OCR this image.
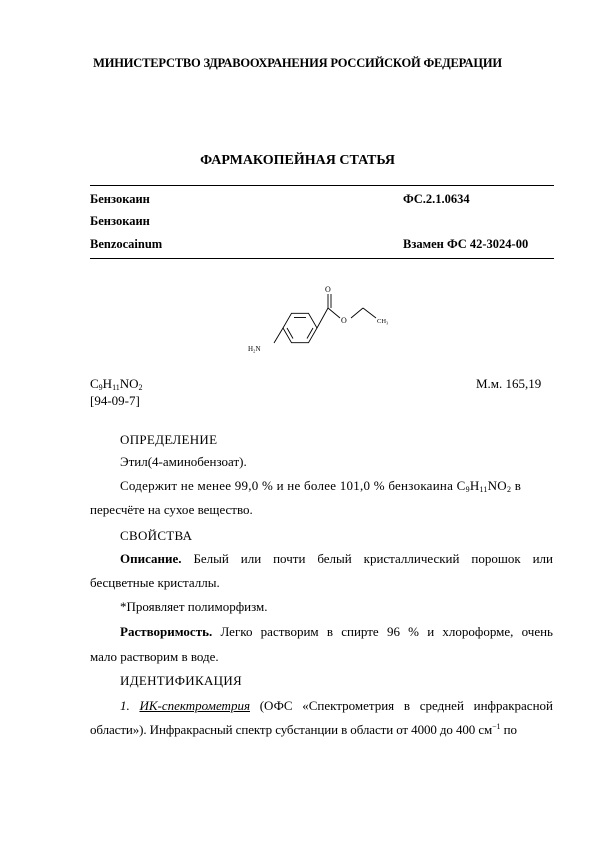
МИНИСТЕРСТВО ЗДРАВООХРАНЕНИЯ РОССИЙСКОЙ ФЕДЕРАЦИИ
ФАРМАКОПЕЙНАЯ СТАТЬЯ
Бензокаин	ФС.2.1.0634
Бензокаин
Benzocainum	Взамен ФС 42-3024-00
O
O	CH₃
H₂N
$C_9H_{11}NO_2$	М.м. 165,19
[94-09-7]
ОПРЕДЕЛЕНИЕ
Этил(4-аминобензоат).
Содержит не менее 99,0 % и не более 101,0 % бензокаина $C_9H_{11}NO_2$ в
пересчёте на сухое вещество.
СВОЙСТВА
Описание. Белый или почти белый кристаллический порошок или
бесцветные кристаллы.
*Проявляет полиморфизм.
Растворимость. Легко растворим в спирте 96 % и хлороформе, очень
мало растворим в воде.
ИДЕНТИФИКАЦИЯ
1. ИК-спектрометрия (ОФС «Спектрометрия в средней инфракрасной
области»). Инфракрасный спектр субстанции в области от 4000 до 400 $см^{-1}$ по
